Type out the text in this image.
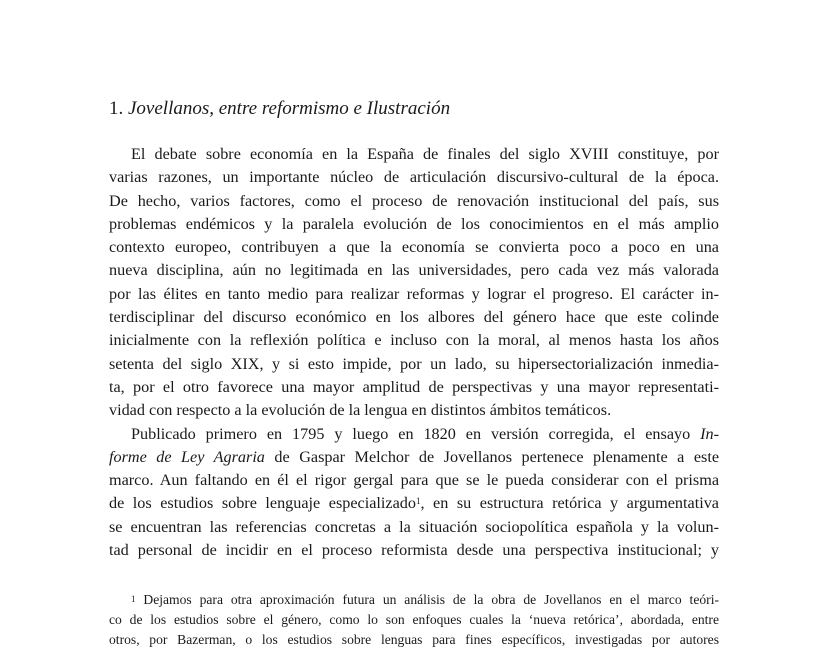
1. Jovellanos, entre reformismo e Ilustración
El debate sobre economía en la España de finales del siglo XVIII constituye, por
varias razones, un importante núcleo de articulación discursivo-cultural de la época.
De hecho, varios factores, como el proceso de renovación institucional del país, sus
problemas endémicos y la paralela evolución de los conocimientos en el más amplio
contexto europeo, contribuyen a que la economía se convierta poco a poco en una
nueva disciplina, aún no legitimada en las universidades, pero cada vez más valorada
por las élites en tanto medio para realizar reformas y lograr el progreso. El carácter in-
terdisciplinar del discurso económico en los albores del género hace que este colinde
inicialmente con la reflexión política e incluso con la moral, al menos hasta los años
setenta del siglo XIX, y si esto impide, por un lado, su hipersectorialización inmedia-
ta, por el otro favorece una mayor amplitud de perspectivas y una mayor representati-
vidad con respecto a la evolución de la lengua en distintos ámbitos temáticos.
Publicado primero en 1795 y luego en 1820 en versión corregida, el ensayo In-
forme de Ley Agraria de Gaspar Melchor de Jovellanos pertenece plenamente a este
marco. Aun faltando en él el rigor gergal para que se le pueda considerar con el prisma
de los estudios sobre lenguaje especializado$^1$, en su estructura retórica y argumentativa
se encuentran las referencias concretas a la situación sociopolítica española y la volun-
tad personal de incidir en el proceso reformista desde una perspectiva institucional; y
$^1$ Dejamos para otra aproximación futura un análisis de la obra de Jovellanos en el marco teóri-
co de los estudios sobre el género, como lo son enfoques cuales la ‘nueva retórica’, abordada, entre
otros, por Bazerman, o los estudios sobre lenguas para fines específicos, investigadas por autores
